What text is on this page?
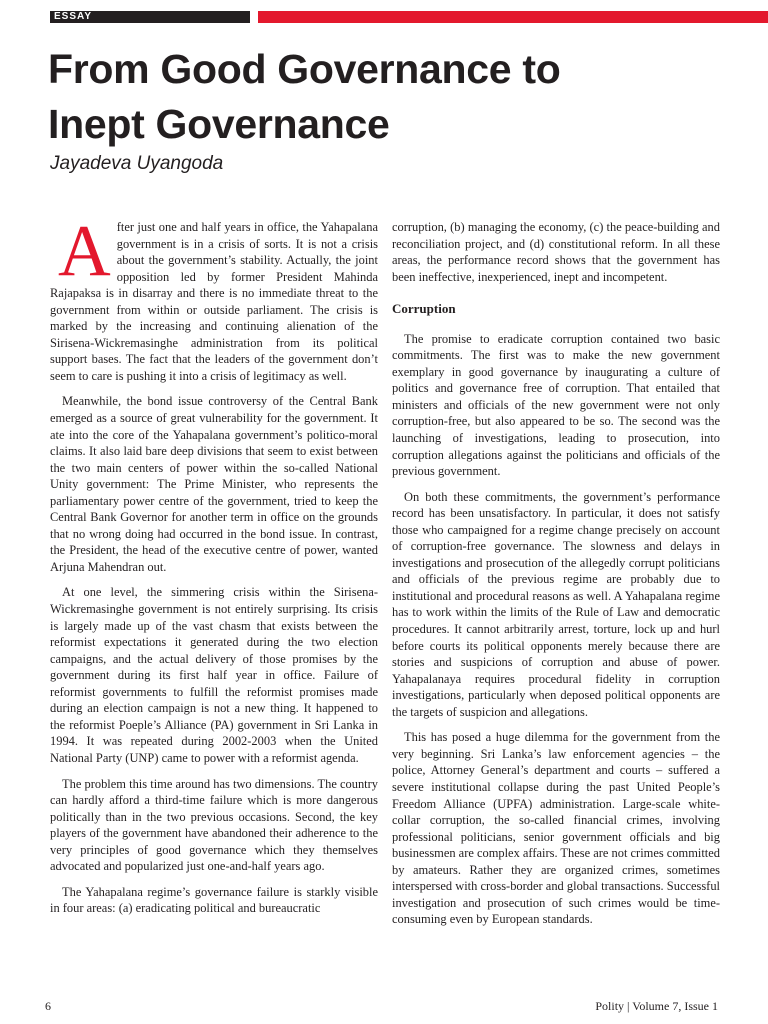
ESSAY
From Good Governance to
Inept Governance
Jayadeva Uyangoda

After just one and half years in office, the Yahapalana government is in a crisis of sorts. It is not a crisis about the government’s stability. Actually, the joint opposition led by former President Mahinda Rajapaksa is in disarray and there is no immediate threat to the government from within or outside parliament. The crisis is marked by the increasing and continuing alienation of the Sirisena-Wickremasinghe administration from its political support bases. The fact that the leaders of the government don’t seem to care is pushing it into a crisis of legitimacy as well.

Meanwhile, the bond issue controversy of the Central Bank emerged as a source of great vulnerability for the government. It ate into the core of the Yahapalana government’s politico-moral claims. It also laid bare deep divisions that seem to exist between the two main centers of power within the so-called National Unity government: The Prime Minister, who represents the parliamentary power centre of the government, tried to keep the Central Bank Governor for another term in office on the grounds that no wrong doing had occurred in the bond issue. In contrast, the President, the head of the executive centre of power, wanted Arjuna Mahendran out.

At one level, the simmering crisis within the Sirisena-Wickremasinghe government is not entirely surprising. Its crisis is largely made up of the vast chasm that exists between the reformist expectations it generated during the two election campaigns, and the actual delivery of those promises by the government during its first half year in office. Failure of reformist governments to fulfill the reformist promises made during an election campaign is not a new thing. It happened to the reformist Poeple’s Alliance (PA) government in Sri Lanka in 1994. It was repeated during 2002-2003 when the United National Party (UNP) came to power with a reformist agenda.

The problem this time around has two dimensions. The country can hardly afford a third-time failure which is more dangerous politically than in the two previous occasions. Second, the key players of the government have abandoned their adherence to the very principles of good governance which they themselves advocated and popularized just one-and-half years ago.

The Yahapalana regime’s governance failure is starkly visible in four areas: (a) eradicating political and bureaucratic

corruption, (b) managing the economy, (c) the peace-building and reconciliation project, and (d) constitutional reform. In all these areas, the performance record shows that the government has been ineffective, inexperienced, inept and incompetent.

Corruption

The promise to eradicate corruption contained two basic commitments. The first was to make the new government exemplary in good governance by inaugurating a culture of politics and governance free of corruption. That entailed that ministers and officials of the new government were not only corruption-free, but also appeared to be so. The second was the launching of investigations, leading to prosecution, into corruption allegations against the politicians and officials of the previous government.

On both these commitments, the government’s performance record has been unsatisfactory. In particular, it does not satisfy those who campaigned for a regime change precisely on account of corruption-free governance. The slowness and delays in investigations and prosecution of the allegedly corrupt politicians and officials of the previous regime are probably due to institutional and procedural reasons as well. A Yahapalana regime has to work within the limits of the Rule of Law and democratic procedures. It cannot arbitrarily arrest, torture, lock up and hurl before courts its political opponents merely because there are stories and suspicions of corruption and abuse of power. Yahapalanaya requires procedural fidelity in corruption investigations, particularly when deposed political opponents are the targets of suspicion and allegations.

This has posed a huge dilemma for the government from the very beginning. Sri Lanka’s law enforcement agencies – the police, Attorney General’s department and courts – suffered a severe institutional collapse during the past United People’s Freedom Alliance (UPFA) administration. Large-scale white-collar corruption, the so-called financial crimes, involving professional politicians, senior government officials and big businessmen are complex affairs. These are not crimes committed by amateurs. Rather they are organized crimes, sometimes interspersed with cross-border and global transactions. Successful investigation and prosecution of such crimes would be time-consuming even by European standards.

6	Polity | Volume 7, Issue 1
